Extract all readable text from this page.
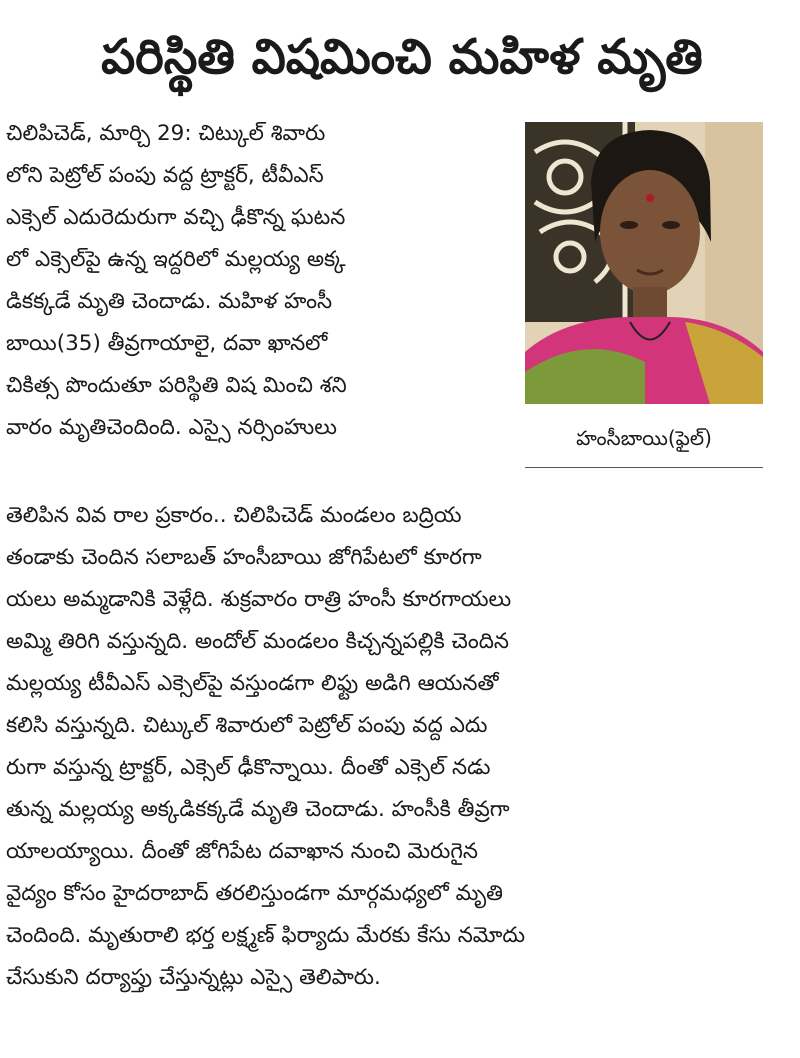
పరిస్థితి విషమించి మహిళ మృతి
చిలిపిచెడ్, మార్చి 29: చిట్కుల్ శివారు
లోని పెట్రోల్ పంపు వద్ద ట్రాక్టర్, టీవీఎస్
ఎక్సెల్ ఎదురెదురుగా వచ్చి ఢీకొన్న ఘటన
లో ఎక్సెల్‌పై ఉన్న ఇద్దరిలో మల్లయ్య అక్క
డికక్కడే మృతి చెందాడు. మహిళ హంసీ
బాయి(35) తీవ్రగాయాలై, దవా ఖానలో
చికిత్స పొందుతూ పరిస్థితి విష మించి శని
వారం మృతిచెందింది. ఎస్సై నర్సింహులు
తెలిపిన వివ రాల ప్రకారం.. చిలిపిచెడ్ మండలం బద్రియ
తండాకు చెందిన సలాబత్ హంసీబాయి జోగిపేటలో కూరగా
యలు అమ్మడానికి వెళ్లేది. శుక్రవారం రాత్రి హంసీ కూరగాయలు
అమ్మి తిరిగి వస్తున్నది. అందోల్ మండలం కిచ్చన్నపల్లికి చెందిన
మల్లయ్య టీవీఎస్ ఎక్సెల్‌పై వస్తుండగా లిఫ్టు అడిగి ఆయనతో
కలిసి వస్తున్నది. చిట్కుల్ శివారులో పెట్రోల్ పంపు వద్ద ఎదు
రుగా వస్తున్న ట్రాక్టర్, ఎక్సెల్ ఢీకొన్నాయి. దీంతో ఎక్సెల్ నడు
తున్న మల్లయ్య అక్కడికక్కడే మృతి చెందాడు. హంసీకి తీవ్రగా
యాలయ్యాయి. దీంతో జోగిపేట దవాఖాన నుంచి మెరుగైన
వైద్యం కోసం హైదరాబాద్ తరలిస్తుండగా మార్గమధ్యలో మృతి
చెందింది. మృతురాలి భర్త లక్ష్మణ్ ఫిర్యాదు మేరకు కేసు నమోదు
చేసుకుని దర్యాప్తు చేస్తున్నట్లు ఎస్సై తెలిపారు.
హంసీబాయి(ఫైల్)
